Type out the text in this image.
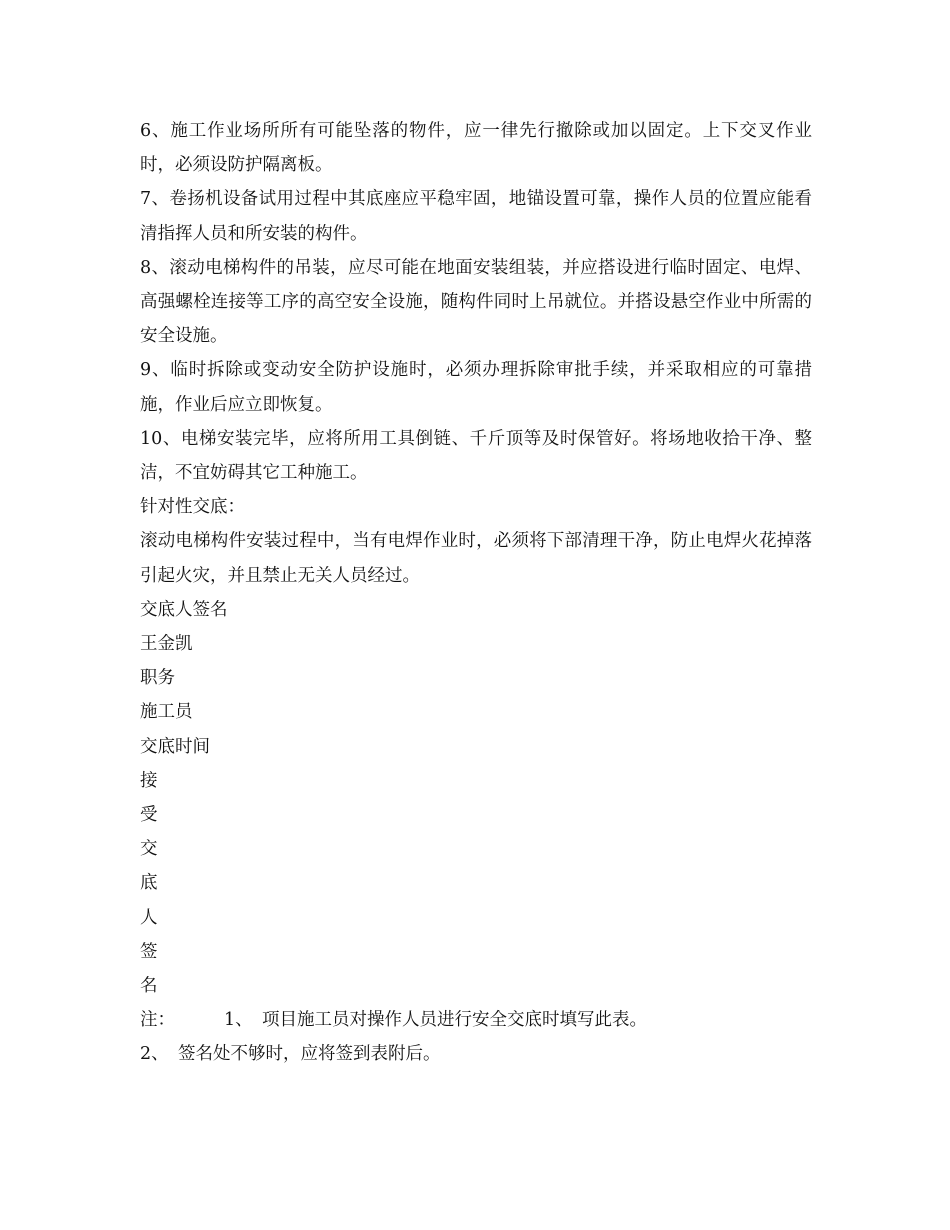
6、施工作业场所所有可能坠落的物件，应一律先行撤除或加以固定。上下交叉作业时，必须设防护隔离板。

7、卷扬机设备试用过程中其底座应平稳牢固，地锚设置可靠，操作人员的位置应能看清指挥人员和所安装的构件。

8、滚动电梯构件的吊装，应尽可能在地面安装组装，并应搭设进行临时固定、电焊、高强螺栓连接等工序的高空安全设施，随构件同时上吊就位。并搭设悬空作业中所需的安全设施。

9、临时拆除或变动安全防护设施时，必须办理拆除审批手续，并采取相应的可靠措施，作业后应立即恢复。

10、电梯安装完毕，应将所用工具倒链、千斤顶等及时保管好。将场地收拾干净、整洁，不宜妨碍其它工种施工。

针对性交底：

滚动电梯构件安装过程中，当有电焊作业时，必须将下部清理干净，防止电焊火花掉落引起火灾，并且禁止无关人员经过。

交底人签名

王金凯

职务

施工员

交底时间

接

受

交

底

人

签

名

注：	1、 项目施工员对操作人员进行安全交底时填写此表。

2、 签名处不够时，应将签到表附后。
